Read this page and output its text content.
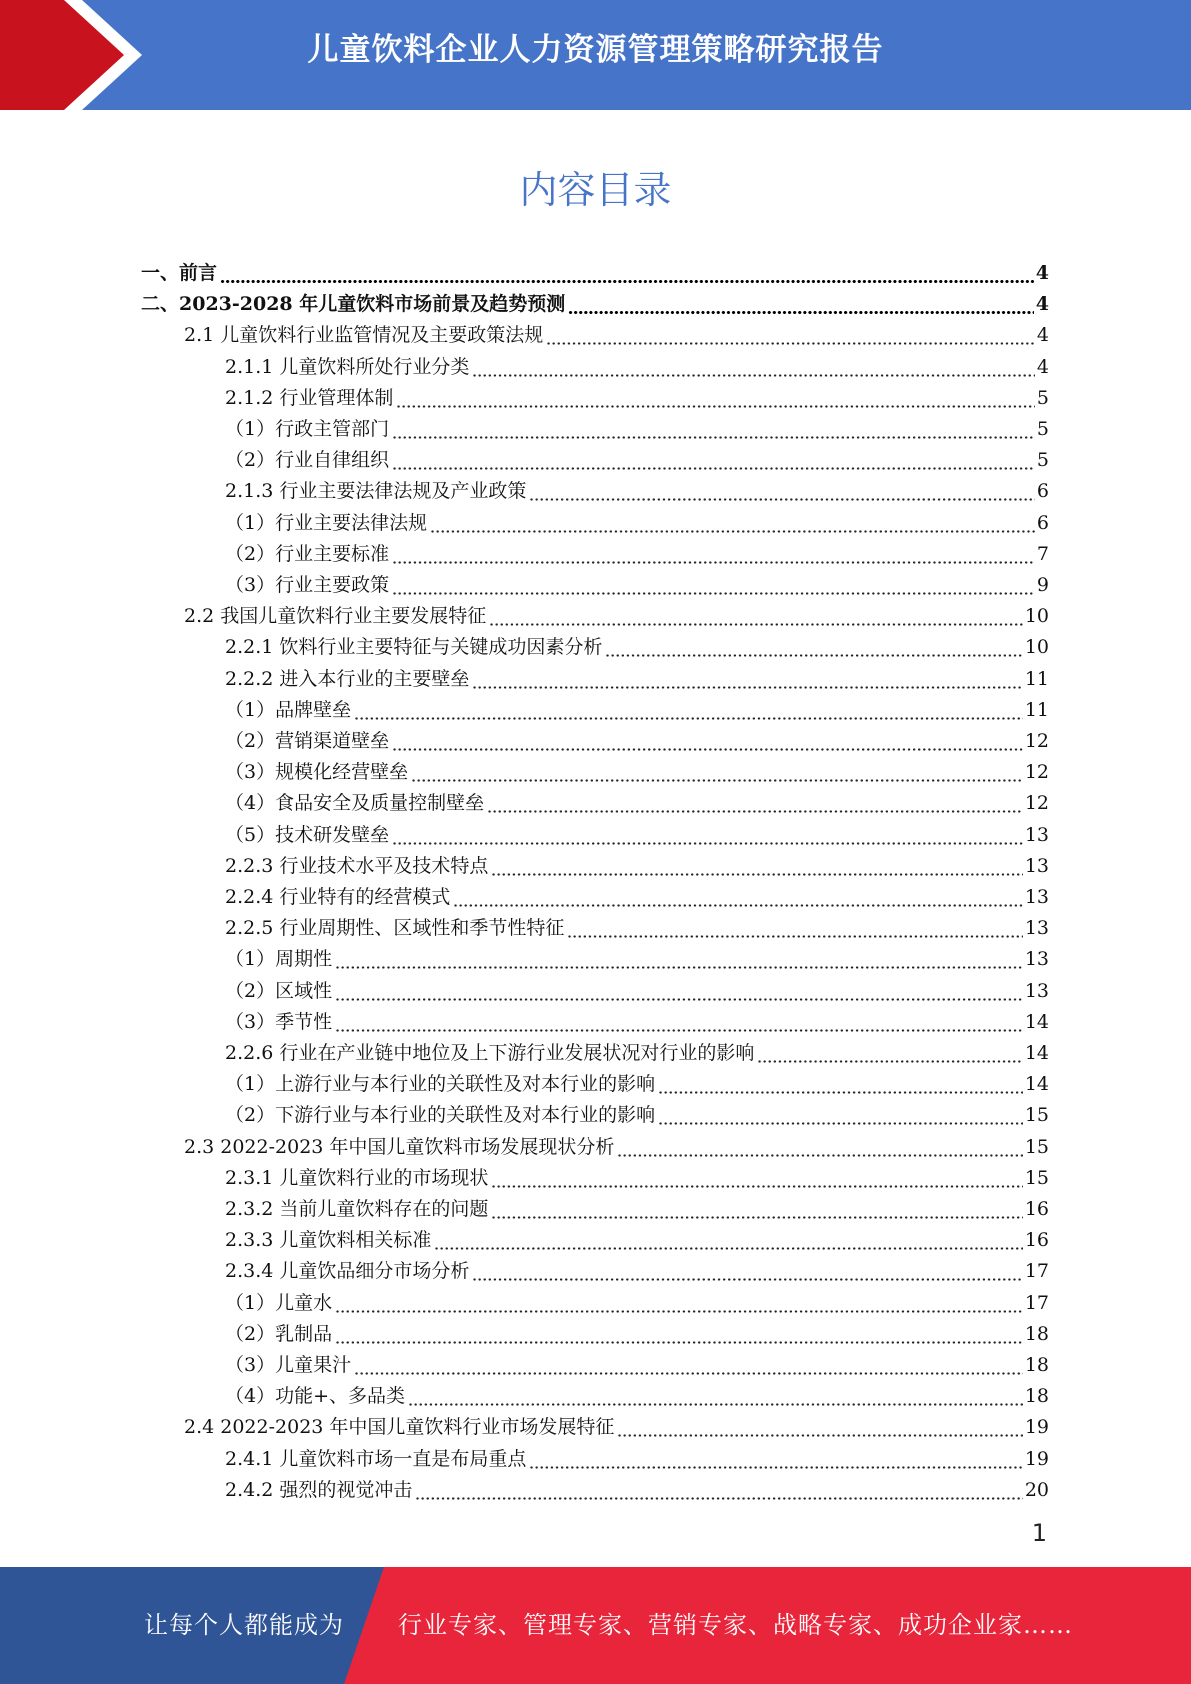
儿童饮料企业人力资源管理策略研究报告
内容目录
一、前言	4
二、2023-2028 年儿童饮料市场前景及趋势预测	4
2.1 儿童饮料行业监管情况及主要政策法规	4
2.1.1 儿童饮料所处行业分类	4
2.1.2 行业管理体制	5
（1）行政主管部门	5
（2）行业自律组织	5
2.1.3 行业主要法律法规及产业政策	6
（1）行业主要法律法规	6
（2）行业主要标准	7
（3）行业主要政策	9
2.2 我国儿童饮料行业主要发展特征	10
2.2.1 饮料行业主要特征与关键成功因素分析	10
2.2.2 进入本行业的主要壁垒	11
（1）品牌壁垒	11
（2）营销渠道壁垒	12
（3）规模化经营壁垒	12
（4）食品安全及质量控制壁垒	12
（5）技术研发壁垒	13
2.2.3 行业技术水平及技术特点	13
2.2.4 行业特有的经营模式	13
2.2.5 行业周期性、区域性和季节性特征	13
（1）周期性	13
（2）区域性	13
（3）季节性	14
2.2.6 行业在产业链中地位及上下游行业发展状况对行业的影响	14
（1）上游行业与本行业的关联性及对本行业的影响	14
（2）下游行业与本行业的关联性及对本行业的影响	15
2.3 2022-2023 年中国儿童饮料市场发展现状分析	15
2.3.1 儿童饮料行业的市场现状	15
2.3.2 当前儿童饮料存在的问题	16
2.3.3 儿童饮料相关标准	16
2.3.4 儿童饮品细分市场分析	17
（1）儿童水	17
（2）乳制品	18
（3）儿童果汁	18
（4）功能+、多品类	18
2.4 2022-2023 年中国儿童饮料行业市场发展特征	19
2.4.1 儿童饮料市场一直是布局重点	19
2.4.2 强烈的视觉冲击	20
1
让每个人都能成为 行业专家、管理专家、营销专家、战略专家、成功企业家……
